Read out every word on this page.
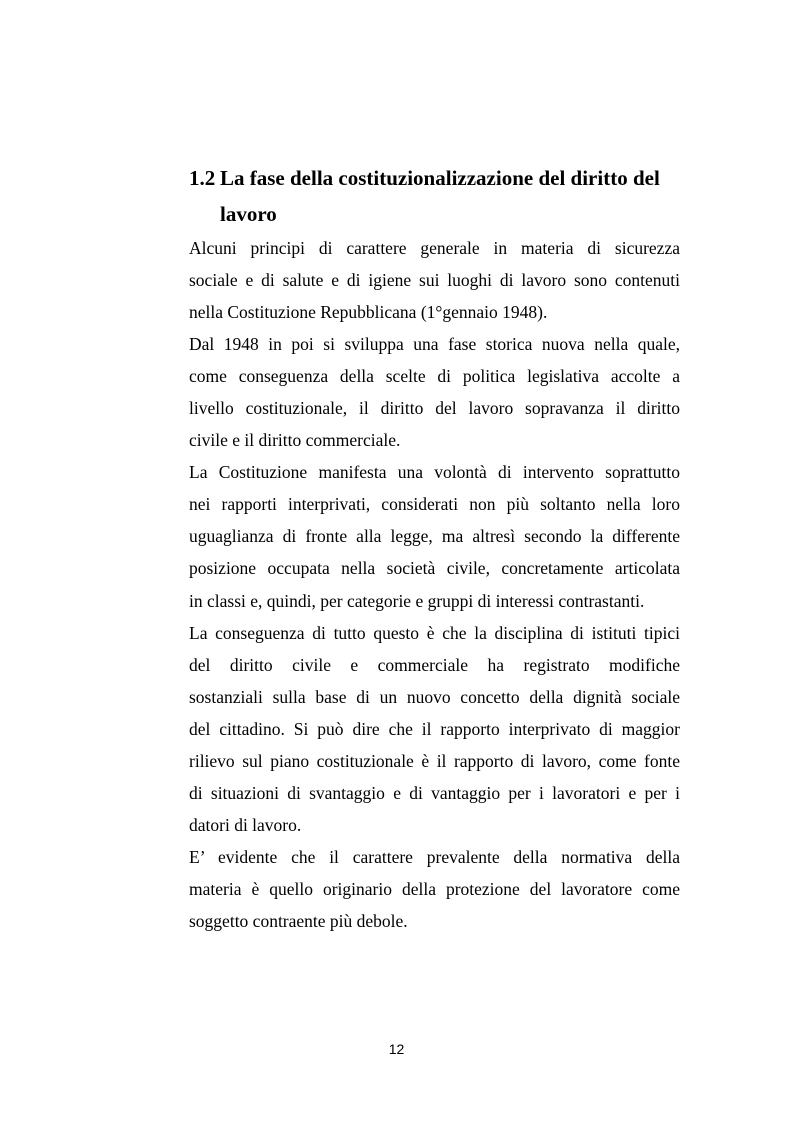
1.2 La fase della costituzionalizzazione del diritto del
lavoro

Alcuni principi di carattere generale in materia di sicurezza
sociale e di salute e di igiene sui luoghi di lavoro sono contenuti
nella Costituzione Repubblicana (1°gennaio 1948).

Dal 1948 in poi si sviluppa una fase storica nuova nella quale,
come conseguenza della scelte di politica legislativa accolte a
livello costituzionale, il diritto del lavoro sopravanza il diritto
civile e il diritto commerciale.

La Costituzione manifesta una volontà di intervento soprattutto
nei rapporti interprivati, considerati non più soltanto nella loro
uguaglianza di fronte alla legge, ma altresì secondo la differente
posizione occupata nella società civile, concretamente articolata
in classi e, quindi, per categorie e gruppi di interessi contrastanti.

La conseguenza di tutto questo è che la disciplina di istituti tipici
del diritto civile e commerciale ha registrato modifiche
sostanziali sulla base di un nuovo concetto della dignità sociale
del cittadino. Si può dire che il rapporto interprivato di maggior
rilievo sul piano costituzionale è il rapporto di lavoro, come fonte
di situazioni di svantaggio e di vantaggio per i lavoratori e per i
datori di lavoro.

E’ evidente che il carattere prevalente della normativa della
materia è quello originario della protezione del lavoratore come
soggetto contraente più debole.

12
